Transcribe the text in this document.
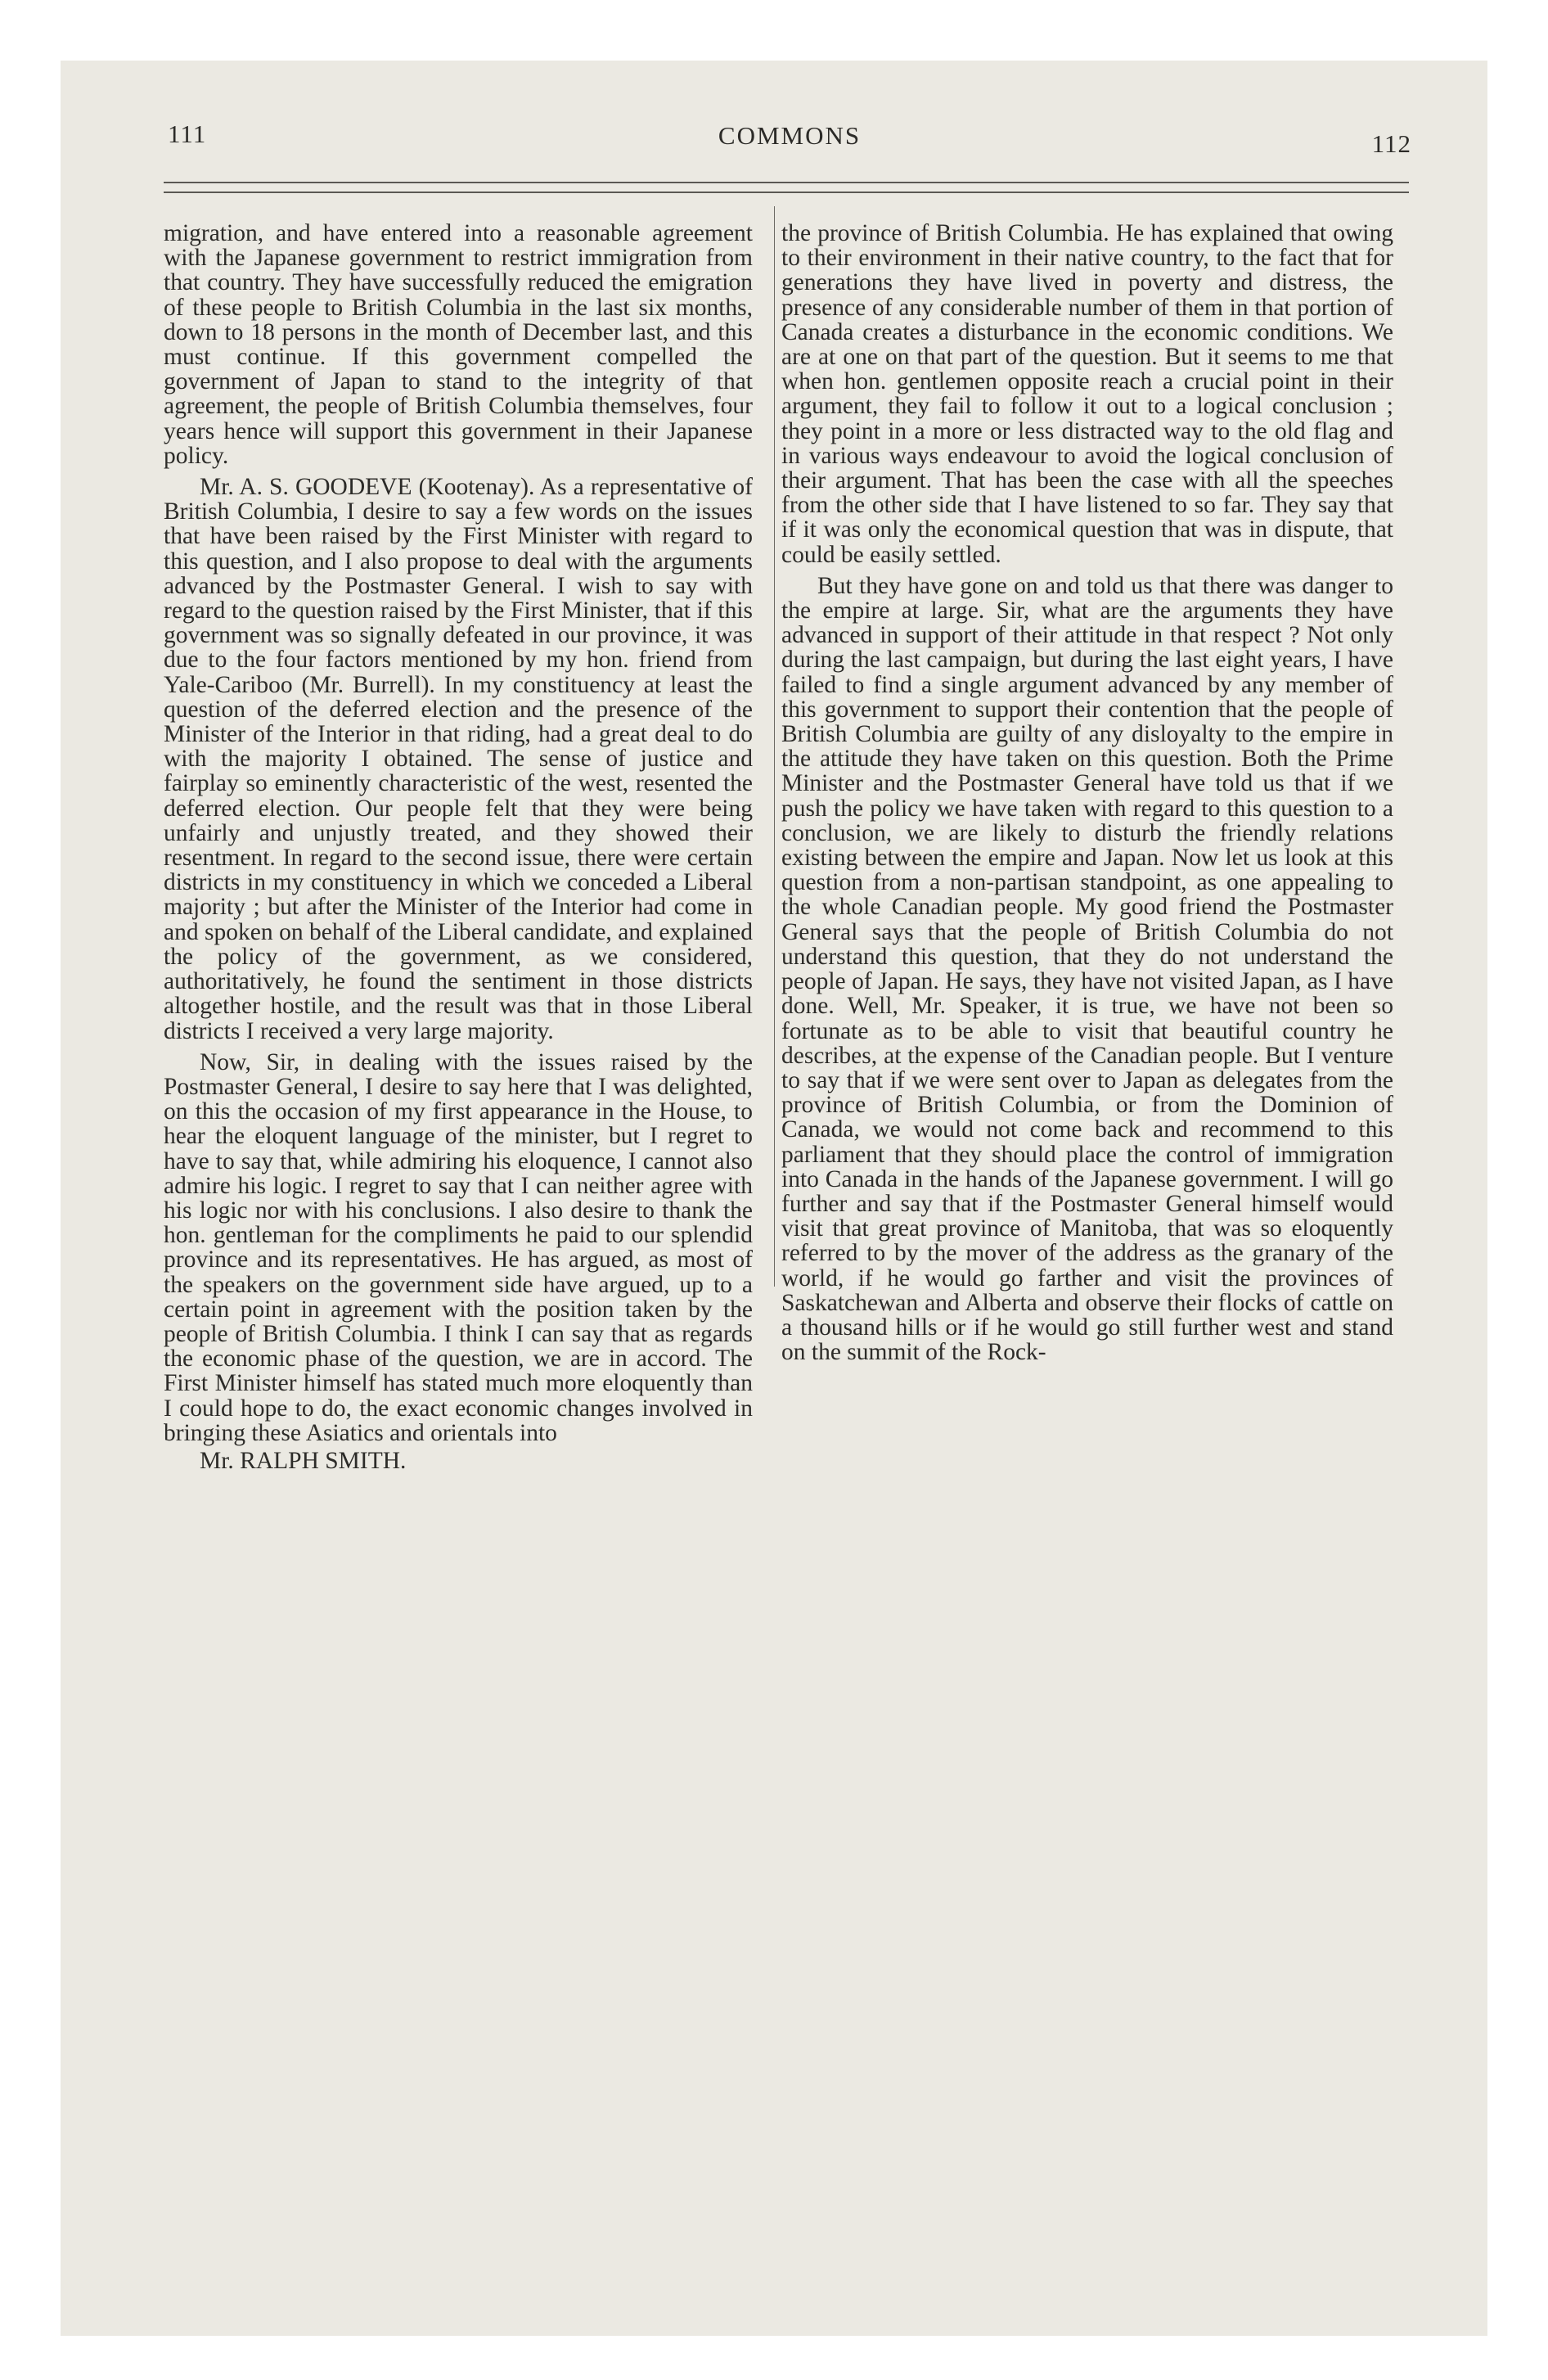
111	COMMONS	112

migration, and have entered into a reasonable agreement with the Japanese government to restrict immigration from that country. They have successfully reduced the emigration of these people to British Columbia in the last six months, down to 18 persons in the month of December last, and this must continue. If this government compelled the government of Japan to stand to the integrity of that agreement, the people of British Columbia themselves, four years hence will support this government in their Japanese policy.

Mr. A. S. GOODEVE (Kootenay). As a representative of British Columbia, I desire to say a few words on the issues that have been raised by the First Minister with regard to this question, and I also propose to deal with the arguments advanced by the Postmaster General. I wish to say with regard to the question raised by the First Minister, that if this government was so signally defeated in our province, it was due to the four factors mentioned by my hon. friend from Yale-Cariboo (Mr. Burrell). In my constituency at least the question of the deferred election and the presence of the Minister of the Interior in that riding, had a great deal to do with the majority I obtained. The sense of justice and fairplay so eminently characteristic of the west, resented the deferred election. Our people felt that they were being unfairly and unjustly treated, and they showed their resentment. In regard to the second issue, there were certain districts in my constituency in which we conceded a Liberal majority ; but after the Minister of the Interior had come in and spoken on behalf of the Liberal candidate, and explained the policy of the government, as we considered, authoritatively, he found the sentiment in those districts altogether hostile, and the result was that in those Liberal districts I received a very large majority.

Now, Sir, in dealing with the issues raised by the Postmaster General, I desire to say here that I was delighted, on this the occasion of my first appearance in the House, to hear the eloquent language of the minister, but I regret to have to say that, while admiring his eloquence, I cannot also admire his logic. I regret to say that I can neither agree with his logic nor with his conclusions. I also desire to thank the hon. gentleman for the compliments he paid to our splendid province and its representatives. He has argued, as most of the speakers on the government side have argued, up to a certain point in agreement with the position taken by the people of British Columbia. I think I can say that as regards the economic phase of the question, we are in accord. The First Minister himself has stated much more eloquently than I could hope to do, the exact economic changes involved in bringing these Asiatics and orientals into

Mr. RALPH SMITH.

the province of British Columbia. He has explained that owing to their environment in their native country, to the fact that for generations they have lived in poverty and distress, the presence of any considerable number of them in that portion of Canada creates a disturbance in the economic conditions. We are at one on that part of the question. But it seems to me that when hon. gentlemen opposite reach a crucial point in their argument, they fail to follow it out to a logical conclusion ; they point in a more or less distracted way to the old flag and in various ways endeavour to avoid the logical conclusion of their argument. That has been the case with all the speeches from the other side that I have listened to so far. They say that if it was only the economical question that was in dispute, that could be easily settled.

But they have gone on and told us that there was danger to the empire at large. Sir, what are the arguments they have advanced in support of their attitude in that respect ? Not only during the last campaign, but during the last eight years, I have failed to find a single argument advanced by any member of this government to support their contention that the people of British Columbia are guilty of any disloyalty to the empire in the attitude they have taken on this question. Both the Prime Minister and the Postmaster General have told us that if we push the policy we have taken with regard to this question to a conclusion, we are likely to disturb the friendly relations existing between the empire and Japan. Now let us look at this question from a non-partisan standpoint, as one appealing to the whole Canadian people. My good friend the Postmaster General says that the people of British Columbia do not understand this question, that they do not understand the people of Japan. He says, they have not visited Japan, as I have done. Well, Mr. Speaker, it is true, we have not been so fortunate as to be able to visit that beautiful country he describes, at the expense of the Canadian people. But I venture to say that if we were sent over to Japan as delegates from the province of British Columbia, or from the Dominion of Canada, we would not come back and recommend to this parliament that they should place the control of immigration into Canada in the hands of the Japanese government. I will go further and say that if the Postmaster General himself would visit that great province of Manitoba, that was so eloquently referred to by the mover of the address as the granary of the world, if he would go farther and visit the provinces of Saskatchewan and Alberta and observe their flocks of cattle on a thousand hills or if he would go still further west and stand on the summit of the Rock-
